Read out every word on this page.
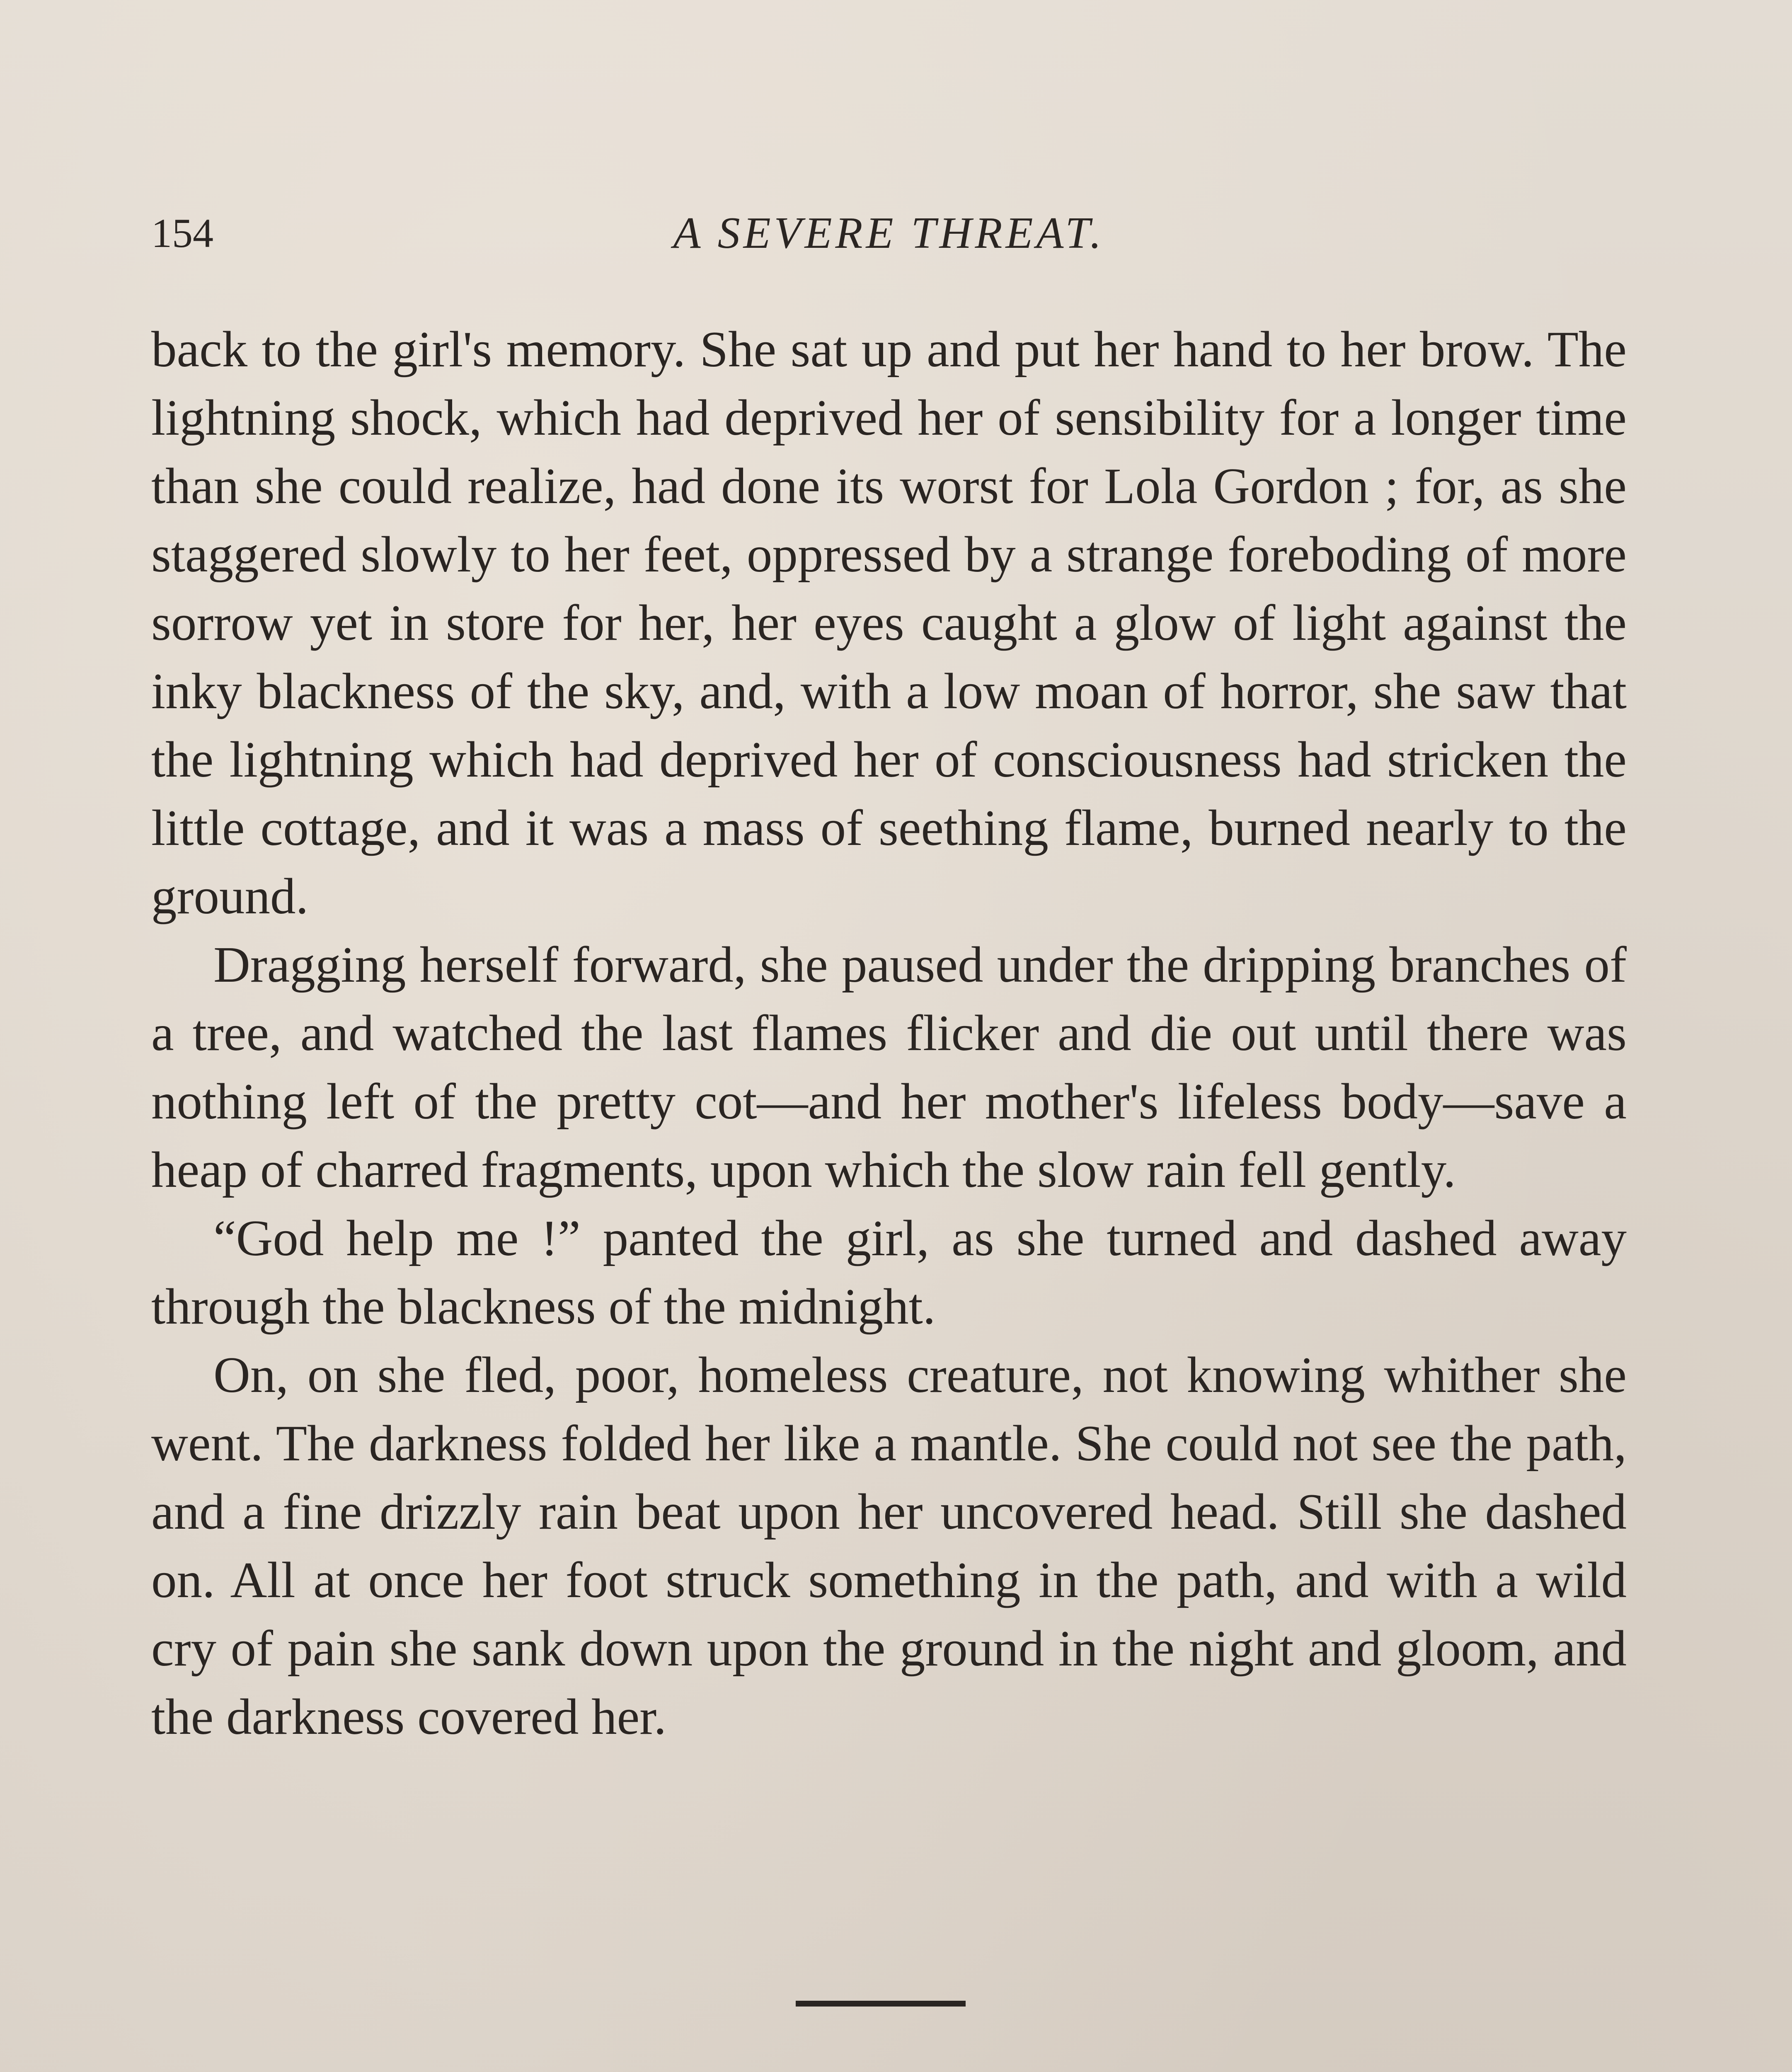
154	A SEVERE THREAT.

back to the girl's memory. She sat up and put her hand to her brow. The lightning shock, which had deprived her of sensibility for a longer time than she could realize, had done its worst for Lola Gordon ; for, as she staggered slowly to her feet, oppressed by a strange foreboding of more sorrow yet in store for her, her eyes caught a glow of light against the inky blackness of the sky, and, with a low moan of horror, she saw that the lightning which had deprived her of consciousness had stricken the little cottage, and it was a mass of seething flame, burned nearly to the ground.

Dragging herself forward, she paused under the dripping branches of a tree, and watched the last flames flicker and die out until there was nothing left of the pretty cot—and her mother's lifeless body—save a heap of charred fragments, upon which the slow rain fell gently.

“God help me !” panted the girl, as she turned and dashed away through the blackness of the midnight.

On, on she fled, poor, homeless creature, not knowing whither she went. The darkness folded her like a mantle. She could not see the path, and a fine drizzly rain beat upon her uncovered head. Still she dashed on. All at once her foot struck something in the path, and with a wild cry of pain she sank down upon the ground in the night and gloom, and the darkness covered her.
